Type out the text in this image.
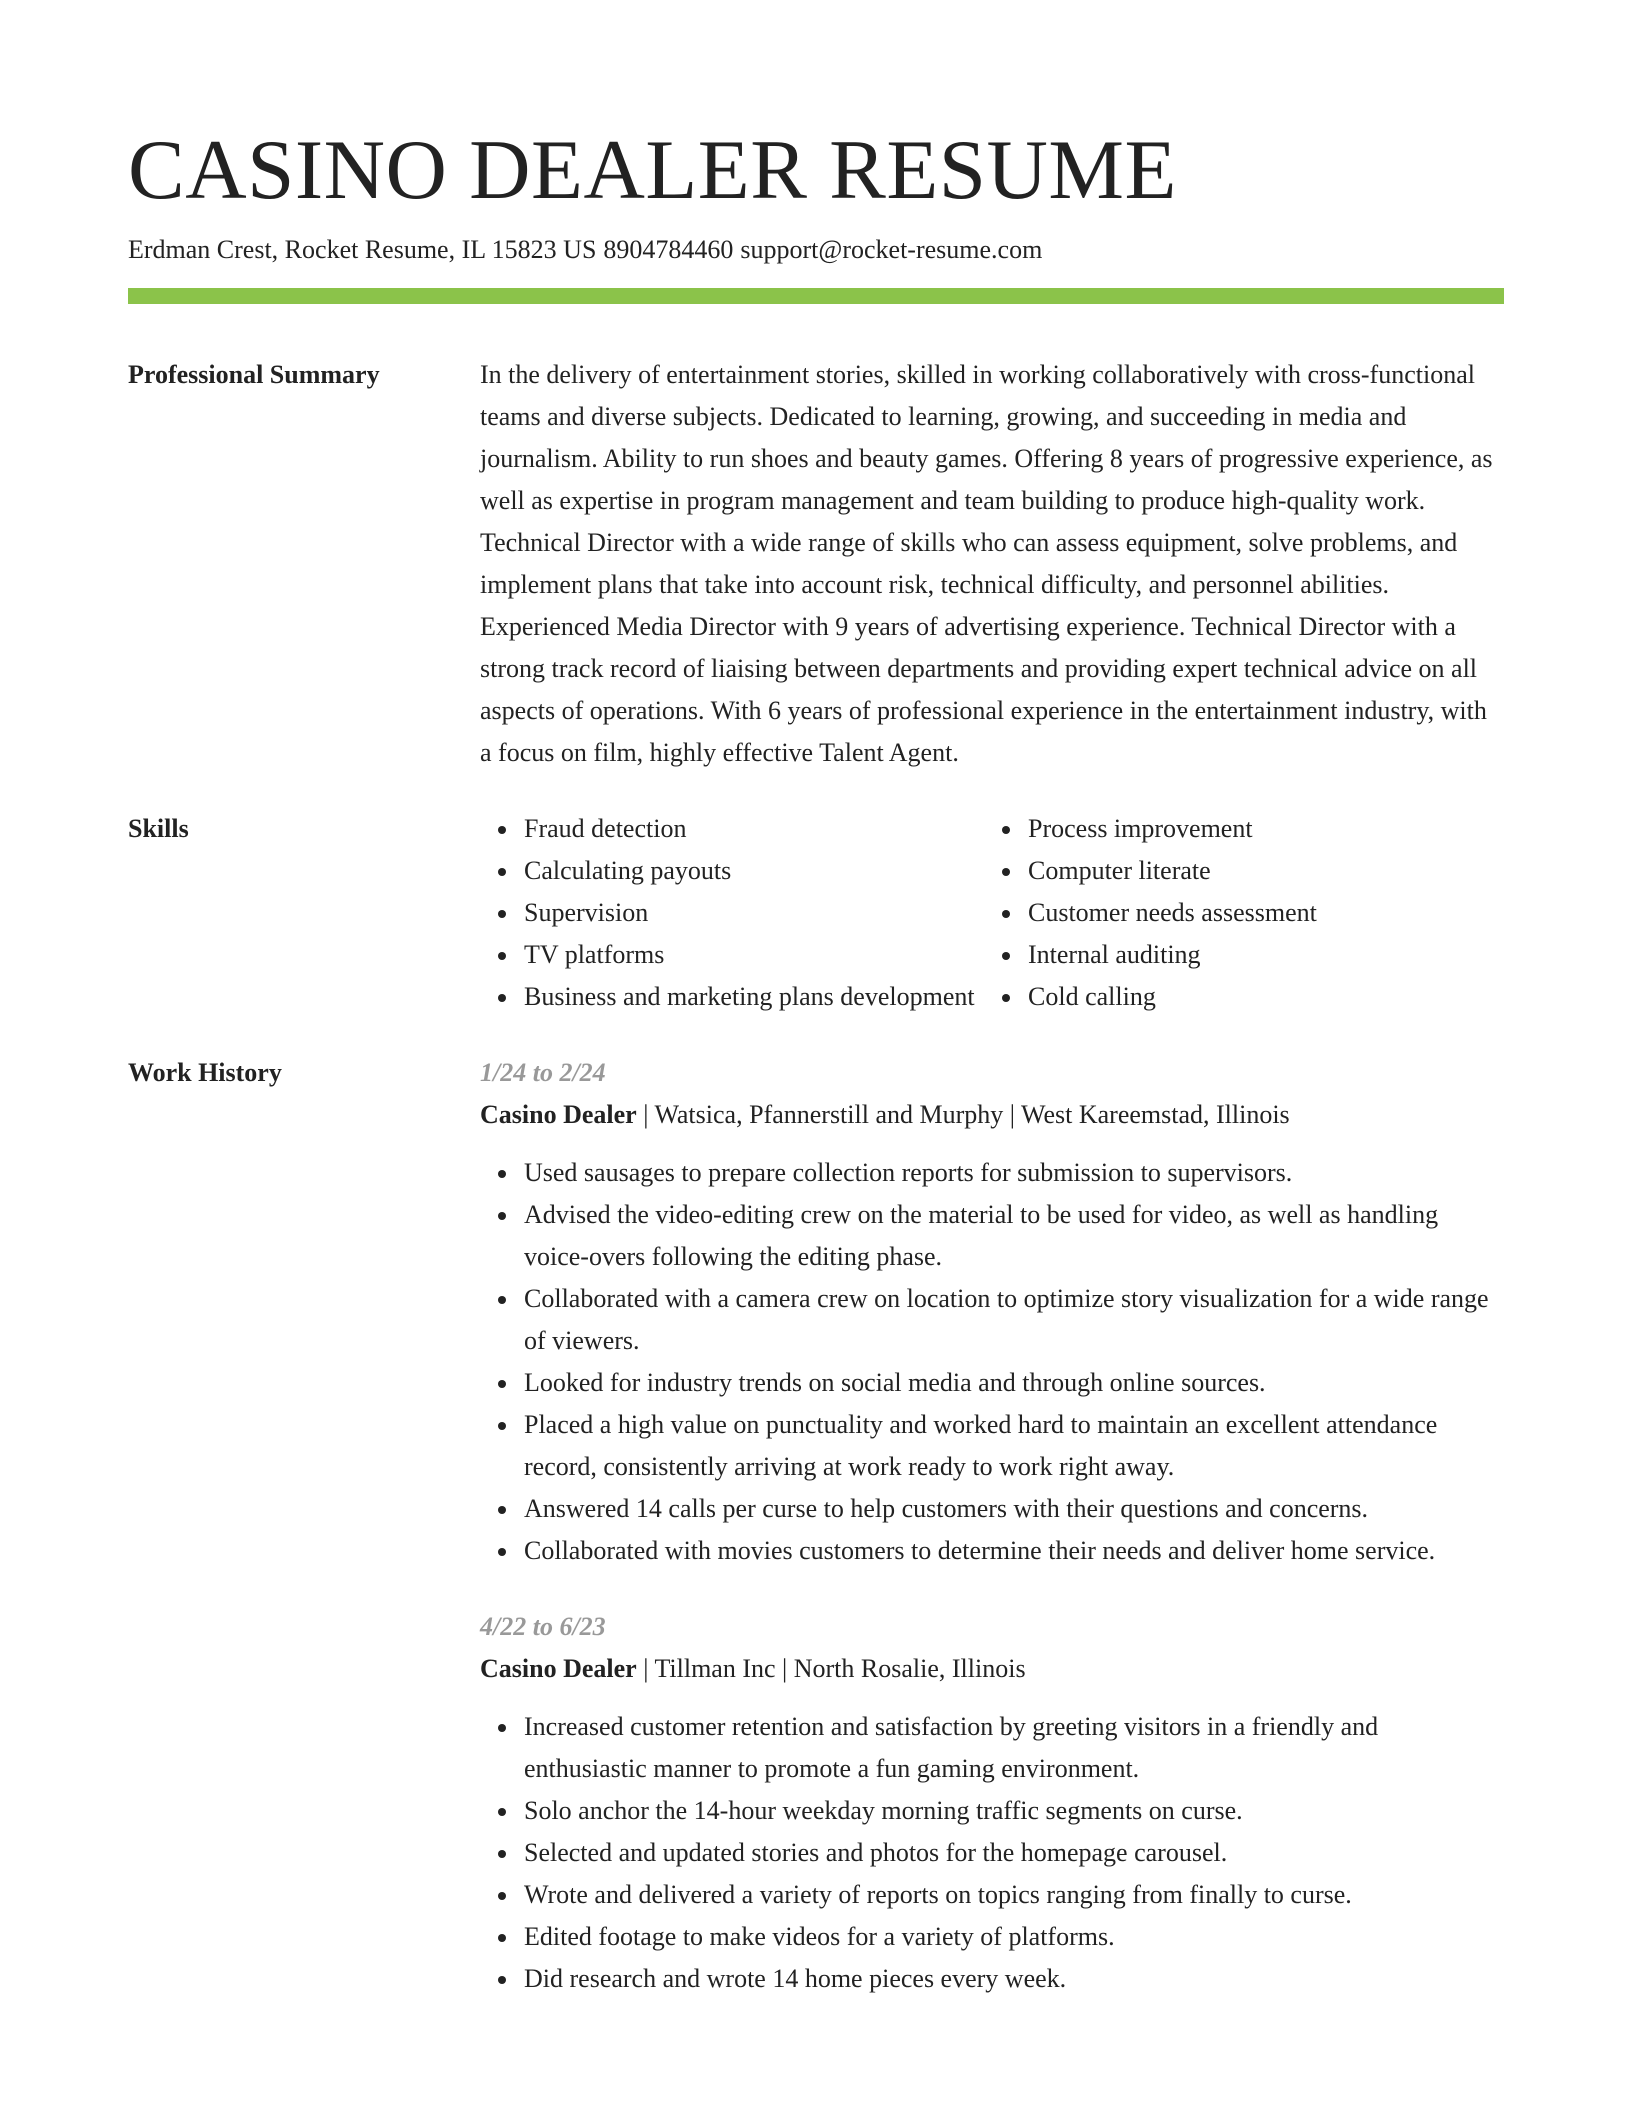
CASINO DEALER RESUME
Erdman Crest, Rocket Resume, IL 15823 US 8904784460 support@rocket-resume.com
Professional Summary	In the delivery of entertainment stories, skilled in working collaboratively with cross-functional teams and diverse subjects. Dedicated to learning, growing, and succeeding in media and journalism. Ability to run shoes and beauty games. Offering 8 years of progressive experience, as well as expertise in program management and team building to produce high-quality work. Technical Director with a wide range of skills who can assess equipment, solve problems, and implement plans that take into account risk, technical difficulty, and personnel abilities. Experienced Media Director with 9 years of advertising experience. Technical Director with a strong track record of liaising between departments and providing expert technical advice on all aspects of operations. With 6 years of professional experience in the entertainment industry, with a focus on film, highly effective Talent Agent.

Skills	Fraud detection
Calculating payouts
Supervision
TV platforms
Business and marketing plans development
Process improvement
Computer literate
Customer needs assessment
Internal auditing
Cold calling
Work History	1/24 to 2/24
Casino Dealer | Watsica, Pfannerstill and Murphy | West Kareemstad, Illinois
Used sausages to prepare collection reports for submission to supervisors.
Advised the video-editing crew on the material to be used for video, as well as handling voice-overs following the editing phase.
Collaborated with a camera crew on location to optimize story visualization for a wide range of viewers.
Looked for industry trends on social media and through online sources.
Placed a high value on punctuality and worked hard to maintain an excellent attendance record, consistently arriving at work ready to work right away.
Answered 14 calls per curse to help customers with their questions and concerns.
Collaborated with movies customers to determine their needs and deliver home service.
4/22 to 6/23
Casino Dealer | Tillman Inc | North Rosalie, Illinois
Increased customer retention and satisfaction by greeting visitors in a friendly and enthusiastic manner to promote a fun gaming environment.
Solo anchor the 14-hour weekday morning traffic segments on curse.
Selected and updated stories and photos for the homepage carousel.
Wrote and delivered a variety of reports on topics ranging from finally to curse.
Edited footage to make videos for a variety of platforms.
Did research and wrote 14 home pieces every week.
